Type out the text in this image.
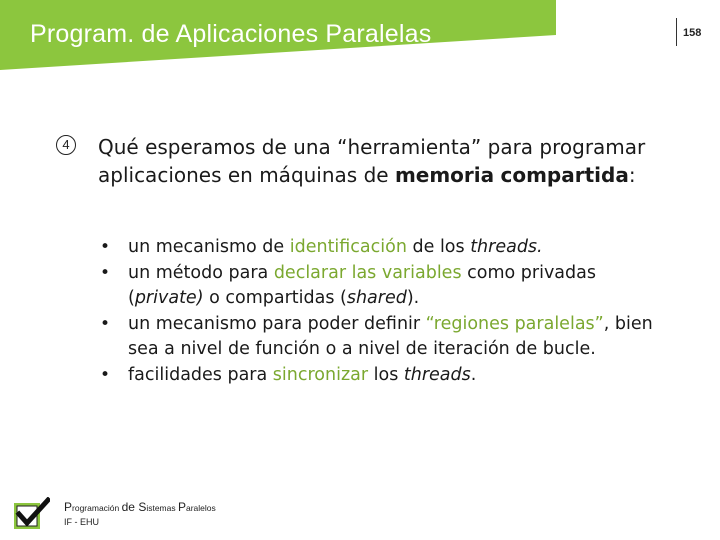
Program. de Aplicaciones Paralelas	158
4	Qué esperamos de una “herramienta” para programar aplicaciones en máquinas de memoria compartida:
• un mecanismo de identificación de los threads.
• un método para declarar las variables como privadas (private) o compartidas (shared).
• un mecanismo para poder definir “regiones paralelas”, bien sea a nivel de función o a nivel de iteración de bucle.
• facilidades para sincronizar los threads.
Programación de Sistemas Paralelos
IF - EHU
